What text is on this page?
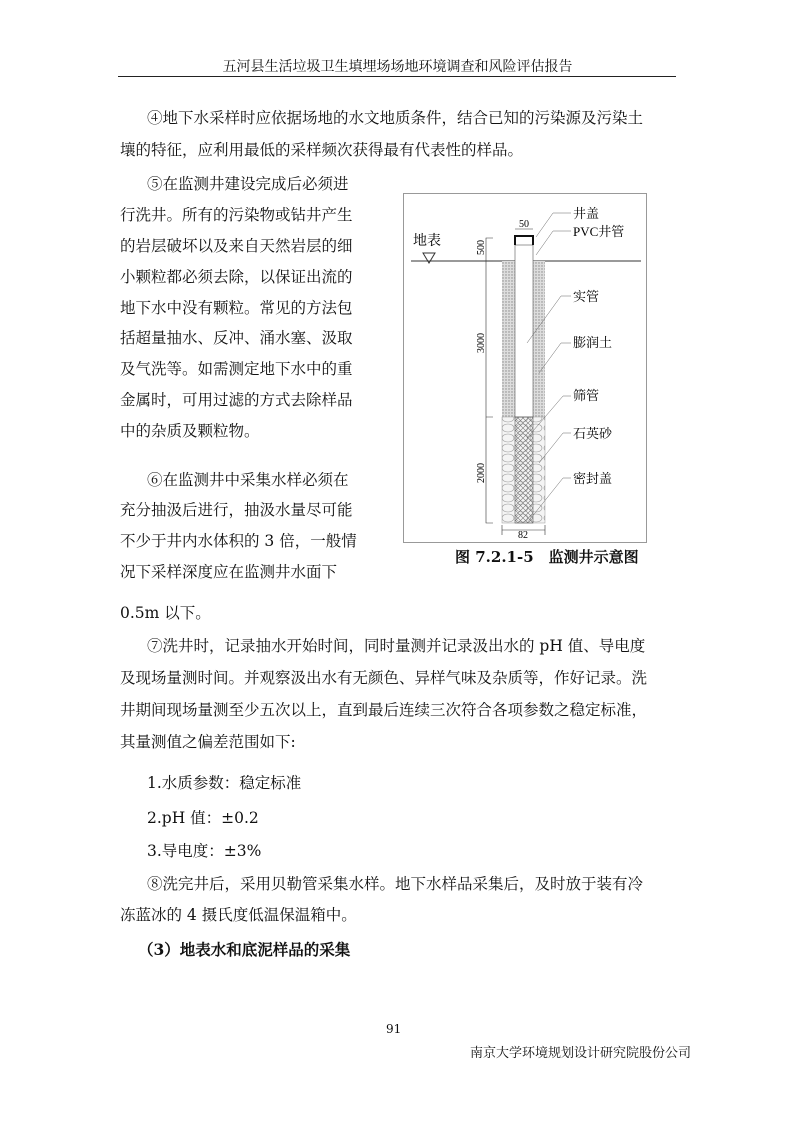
五河县生活垃圾卫生填埋场场地环境调查和风险评估报告
④地下水采样时应依据场地的水文地质条件，结合已知的污染源及污染土
壤的特征，应利用最低的采样频次获得最有代表性的样品。
⑤在监测井建设完成后必须进
行洗井。所有的污染物或钻井产生
的岩层破坏以及来自天然岩层的细
小颗粒都必须去除，以保证出流的
地下水中没有颗粒。常见的方法包
括超量抽水、反冲、涌水塞、汲取
及气洗等。如需测定地下水中的重
金属时，可用过滤的方式去除样品
中的杂质及颗粒物。
⑥在监测井中采集水样必须在
充分抽汲后进行，抽汲水量尽可能
不少于井内水体积的 3 倍，一般情
况下采样深度应在监测井水面下
0.5m 以下。
⑦洗井时，记录抽水开始时间，同时量测并记录汲出水的 pH 值、导电度
及现场量测时间。并观察汲出水有无颜色、异样气味及杂质等，作好记录。洗
井期间现场量测至少五次以上，直到最后连续三次符合各项参数之稳定标准，
其量测值之偏差范围如下:
1.水质参数：稳定标准
2.pH 值：±0.2
3.导电度：±3%
⑧洗完井后，采用贝勒管采集水样。地下水样品采集后，及时放于装有冷
冻蓝冰的 4 摄氏度低温保温箱中。
（3）地表水和底泥样品的采集
地表
50
500
3000
2000
82
井盖
PVC井管
实管
膨润土
筛管
石英砂
密封盖
图 7.2.1-5　监测井示意图
91
南京大学环境规划设计研究院股份公司
